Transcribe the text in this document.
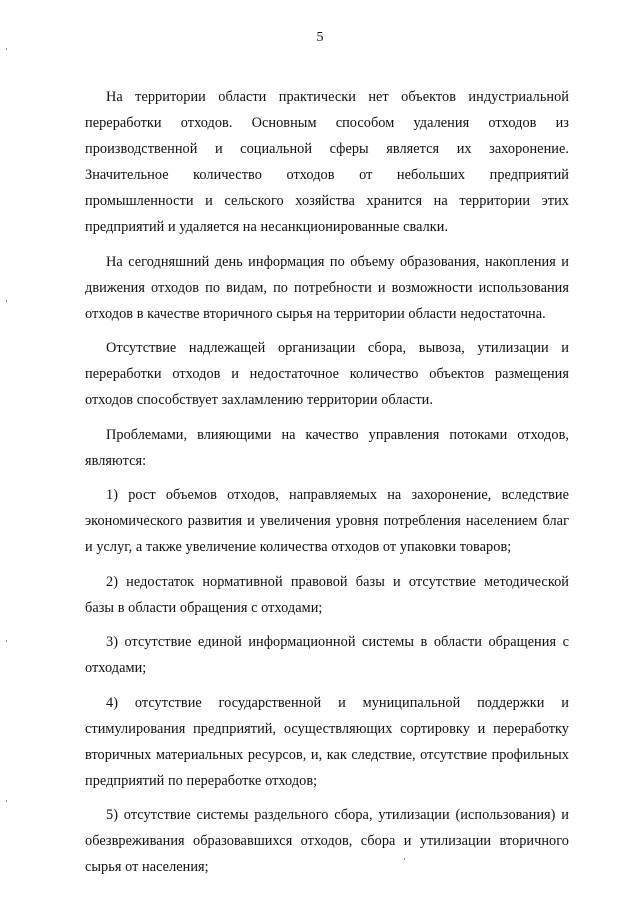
5

На территории области практически нет объектов индустриальной переработки отходов. Основным способом удаления отходов из производственной и социальной сферы является их захоронение. Значительное количество отходов от небольших предприятий промышленности и сельского хозяйства хранится на территории этих предприятий и удаляется на несанкционированные свалки.

На сегодняшний день информация по объему образования, накопления и движения отходов по видам, по потребности и возможности использования отходов в качестве вторичного сырья на территории области недостаточна.

Отсутствие надлежащей организации сбора, вывоза, утилизации и переработки отходов и недостаточное количество объектов размещения отходов способствует захламлению территории области.

Проблемами, влияющими на качество управления потоками отходов, являются:

1) рост объемов отходов, направляемых на захоронение, вследствие экономического развития и увеличения уровня потребления населением благ и услуг, а также увеличение количества отходов от упаковки товаров;

2) недостаток нормативной правовой базы и отсутствие методической базы в области обращения с отходами;

3) отсутствие единой информационной системы в области обращения с отходами;

4) отсутствие государственной и муниципальной поддержки и стимулирования предприятий, осуществляющих сортировку и переработку вторичных материальных ресурсов, и, как следствие, отсутствие профильных предприятий по переработке отходов;

5) отсутствие системы раздельного сбора, утилизации (использования) и обезвреживания образовавшихся отходов, сбора и утилизации вторичного сырья от населения;
